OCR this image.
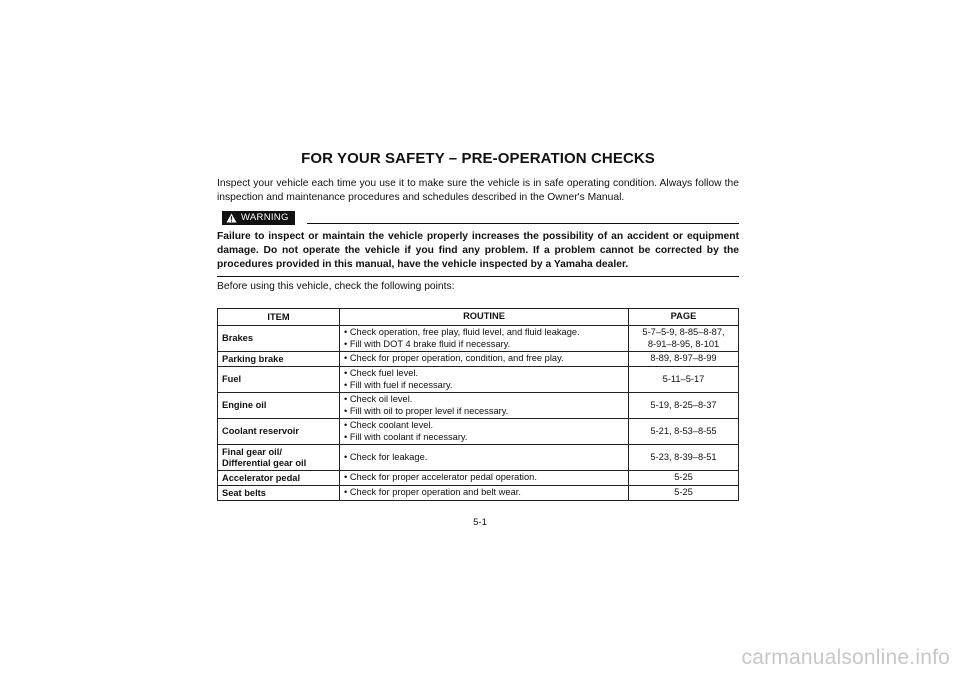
FOR YOUR SAFETY – PRE-OPERATION CHECKS

Inspect your vehicle each time you use it to make sure the vehicle is in safe operating condition. Always follow the inspection and maintenance procedures and schedules described in the Owner's Manual.

WARNING

Failure to inspect or maintain the vehicle properly increases the possibility of an accident or equipment damage. Do not operate the vehicle if you find any problem. If a problem cannot be corrected by the procedures provided in this manual, have the vehicle inspected by a Yamaha dealer.

Before using this vehicle, check the following points:

ITEM	ROUTINE	PAGE

Brakes	• Check operation, free play, fluid level, and fluid leakage.
• Fill with DOT 4 brake fluid if necessary.	5-7–5-9, 8-85–8-87,
8-91–8-95, 8-101

Parking brake	• Check for proper operation, condition, and free play.	8-89, 8-97–8-99

Fuel	• Check fuel level.
• Fill with fuel if necessary.	5-11–5-17

Engine oil	• Check oil level.
• Fill with oil to proper level if necessary.	5-19, 8-25–8-37

Coolant reservoir	• Check coolant level.
• Fill with coolant if necessary.	5-21, 8-53–8-55

Final gear oil/
Differential gear oil	• Check for leakage.	5-23, 8-39–8-51

Accelerator pedal	• Check for proper accelerator pedal operation.	5-25

Seat belts	• Check for proper operation and belt wear.	5-25
5-1
carmanualsonline.info
